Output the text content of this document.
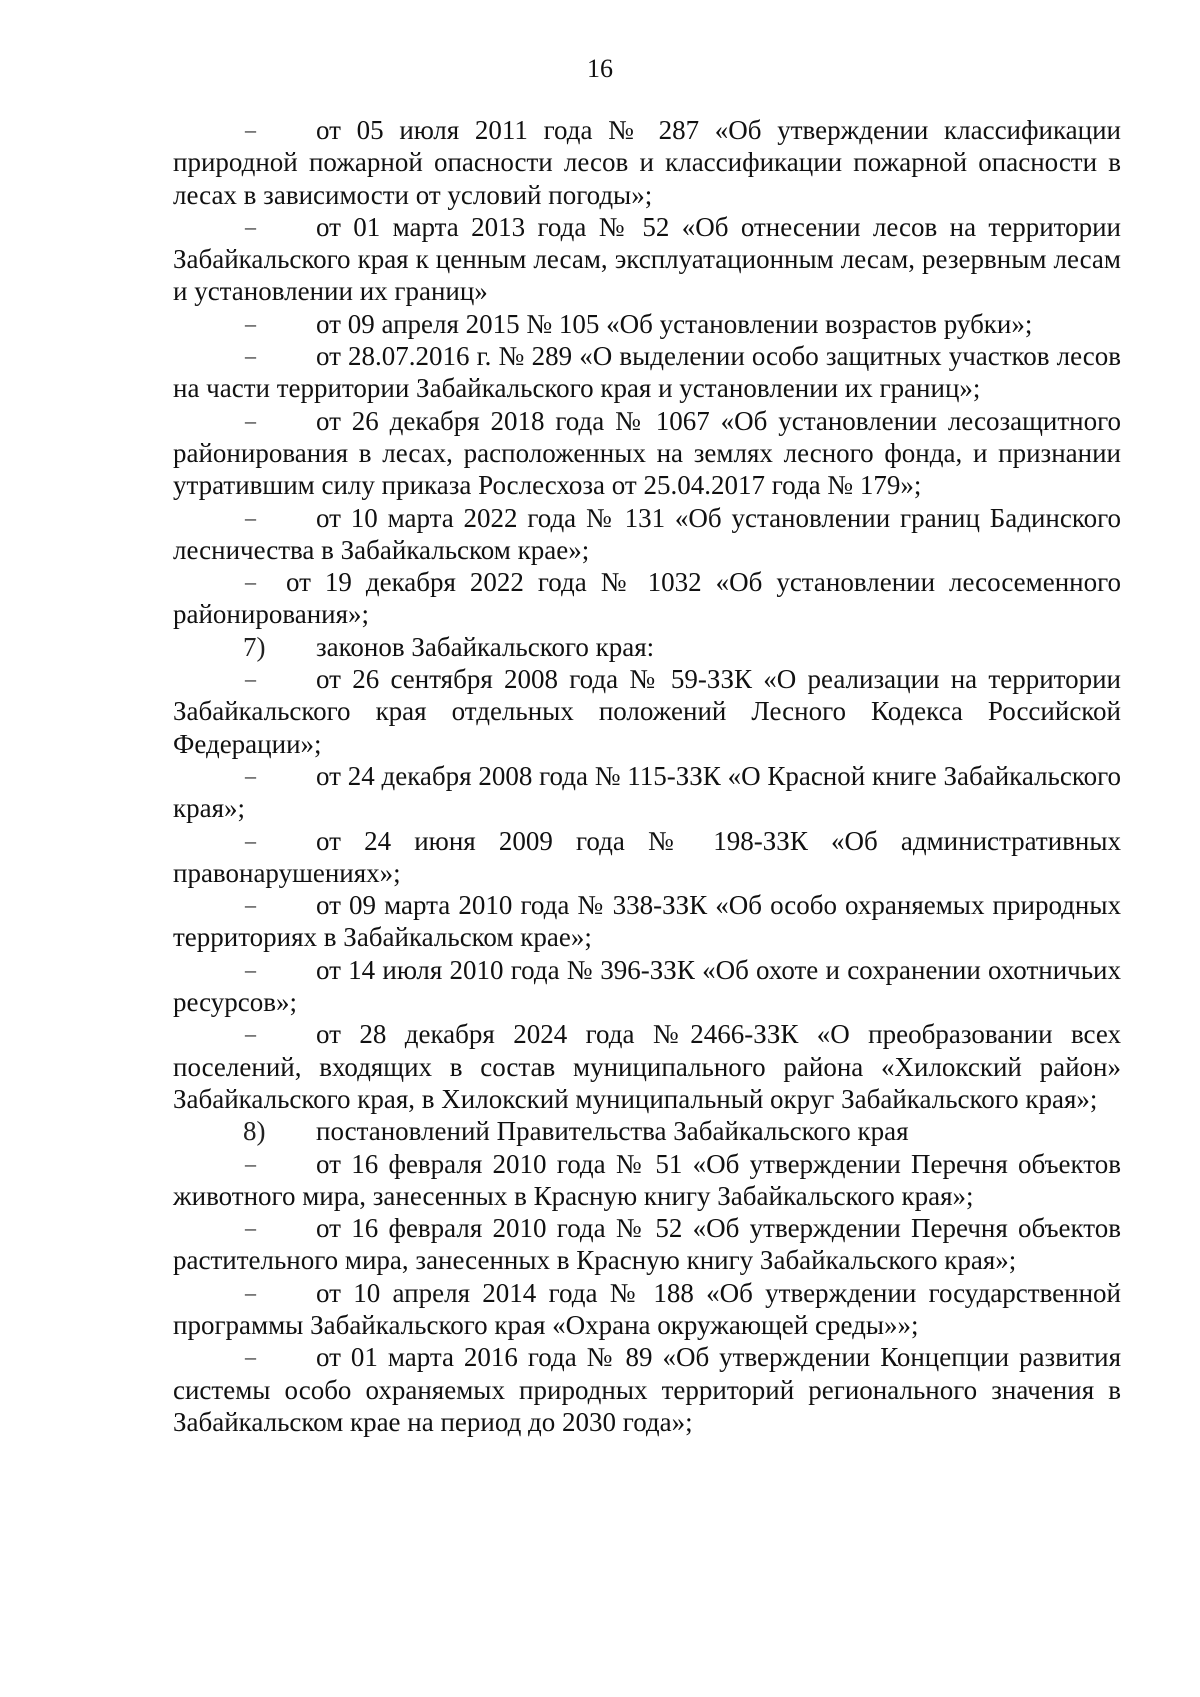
16

– от 05 июля 2011 года № 287 «Об утверждении классификации природной пожарной опасности лесов и классификации пожарной опасности в лесах в зависимости от условий погоды»;

– от 01 марта 2013 года № 52 «Об отнесении лесов на территории Забайкальского края к ценным лесам, эксплуатационным лесам, резервным лесам и установлении их границ»

– от 09 апреля 2015 № 105 «Об установлении возрастов рубки»;

– от 28.07.2016 г. № 289 «О выделении особо защитных участков лесов на части территории Забайкальского края и установлении их границ»;

– от 26 декабря 2018 года № 1067 «Об установлении лесозащитного районирования в лесах, расположенных на землях лесного фонда, и признании утратившим силу приказа Рослесхоза от 25.04.2017 года № 179»;

– от 10 марта 2022 года № 131 «Об установлении границ Бадинского лесничества в Забайкальском крае»;

– от 19 декабря 2022 года № 1032 «Об установлении лесосеменного районирования»;

7) законов Забайкальского края:

– от 26 сентября 2008 года № 59-ЗЗК «О реализации на территории Забайкальского края отдельных положений Лесного Кодекса Российской Федерации»;

– от 24 декабря 2008 года № 115-ЗЗК «О Красной книге Забайкальского края»;

– от 24 июня 2009 года № 198-ЗЗК «Об административных правонарушениях»;

– от 09 марта 2010 года № 338-ЗЗК «Об особо охраняемых природных территориях в Забайкальском крае»;

– от 14 июля 2010 года № 396-ЗЗК «Об охоте и сохранении охотничьих ресурсов»;

– от 28 декабря 2024 года №2466-ЗЗК «О преобразовании всех поселений, входящих в состав муниципального района «Хилокский район» Забайкальского края, в Хилокский муниципальный округ Забайкальского края»;

8) постановлений Правительства Забайкальского края

– от 16 февраля 2010 года № 51 «Об утверждении Перечня объектов животного мира, занесенных в Красную книгу Забайкальского края»;

– от 16 февраля 2010 года № 52 «Об утверждении Перечня объектов растительного мира, занесенных в Красную книгу Забайкальского края»;

– от 10 апреля 2014 года № 188 «Об утверждении государственной программы Забайкальского края «Охрана окружающей среды»»;

– от 01 марта 2016 года № 89 «Об утверждении Концепции развития системы особо охраняемых природных территорий регионального значения в Забайкальском крае на период до 2030 года»;
